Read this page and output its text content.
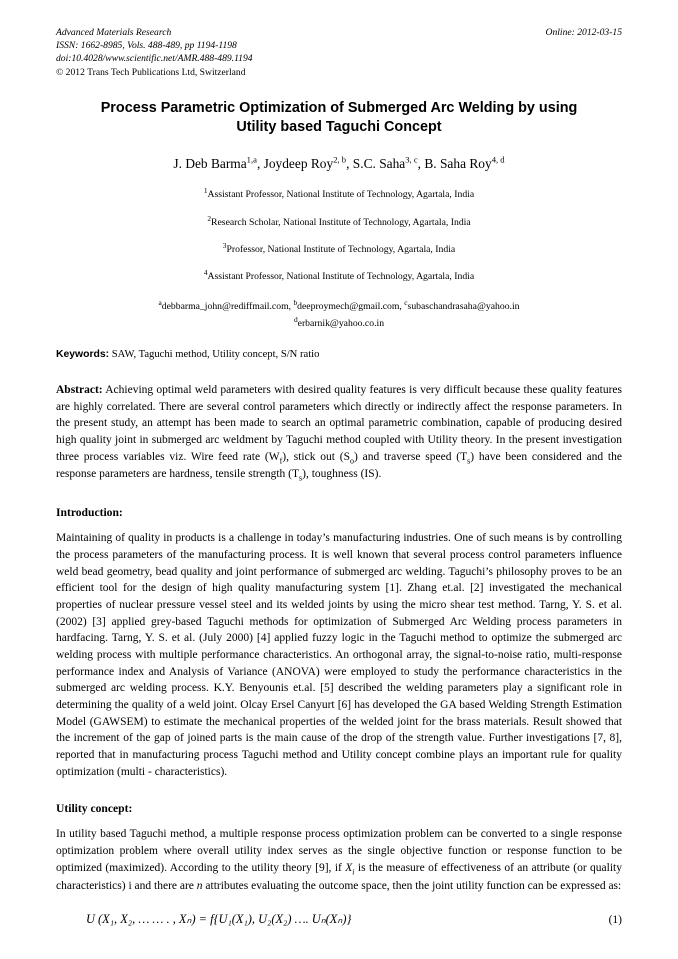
Advanced Materials Research	Online: 2012-03-15
ISSN: 1662-8985, Vols. 488-489, pp 1194-1198
doi:10.4028/www.scientific.net/AMR.488-489.1194
© 2012 Trans Tech Publications Ltd, Switzerland
Process Parametric Optimization of Submerged Arc Welding by using
Utility based Taguchi Concept
J. Deb Barma$^{1,a}$, Joydeep Roy$^{2, b}$, S.C. Saha$^{3, c}$, B. Saha Roy$^{4, d}$
$^1$Assistant Professor, National Institute of Technology, Agartala, India
$^2$Research Scholar, National Institute of Technology, Agartala, India
$^3$Professor, National Institute of Technology, Agartala, India
$^4$Assistant Professor, National Institute of Technology, Agartala, India
$^a$debbarma_john@rediffmail.com, $^b$deeproymech@gmail.com, $^c$subaschandrasaha@yahoo.in
$^d$erbarnik@yahoo.co.in
Keywords: SAW, Taguchi method, Utility concept, S/N ratio
Abstract: Achieving optimal weld parameters with desired quality features is very difficult because these quality features are highly correlated. There are several control parameters which directly or indirectly affect the response parameters. In the present study, an attempt has been made to search an optimal parametric combination, capable of producing desired high quality joint in submerged arc weldment by Taguchi method coupled with Utility theory. In the present investigation three process variables viz. Wire feed rate $(W_f)$, stick out $(S_o)$ and traverse speed $(T_s)$ have been considered and the response parameters are hardness, tensile strength $(T_s)$, toughness (IS).
Introduction:
Maintaining of quality in products is a challenge in today’s manufacturing industries. One of such means is by controlling the process parameters of the manufacturing process. It is well known that several process control parameters influence weld bead geometry, bead quality and joint performance of submerged arc welding. Taguchi’s philosophy proves to be an efficient tool for the design of high quality manufacturing system [1]. Zhang et.al. [2] investigated the mechanical properties of nuclear pressure vessel steel and its welded joints by using the micro shear test method. Tarng, Y. S. et al. (2002) [3] applied grey-based Taguchi methods for optimization of Submerged Arc Welding process parameters in hardfacing. Tarng, Y. S. et al. (July 2000) [4] applied fuzzy logic in the Taguchi method to optimize the submerged arc welding process with multiple performance characteristics. An orthogonal array, the signal-to-noise ratio, multi-response performance index and Analysis of Variance (ANOVA) were employed to study the performance characteristics in the submerged arc welding process. K.Y. Benyounis et.al. [5] described the welding parameters play a significant role in determining the quality of a weld joint. Olcay Ersel Canyurt [6] has developed the GA based Welding Strength Estimation Model (GAWSEM) to estimate the mechanical properties of the welded joint for the brass materials. Result showed that the increment of the gap of joined parts is the main cause of the drop of the strength value. Further investigations [7, 8], reported that in manufacturing process Taguchi method and Utility concept combine plays an important rule for quality optimization (multi - characteristics).
Utility concept:
In utility based Taguchi method, a multiple response process optimization problem can be converted to a single response optimization problem where overall utility index serves as the single objective function or response function to be optimized (maximized). According to the utility theory [9], if $X_i$ is the measure of effectiveness of an attribute (or quality characteristics) i and there are n attributes evaluating the outcome space, then the joint utility function can be expressed as:
U (X₁, X₂, … … . , Xₙ) = f{U₁(X₁), U₂(X₂) …. Uₙ(Xₙ)}	(1)
